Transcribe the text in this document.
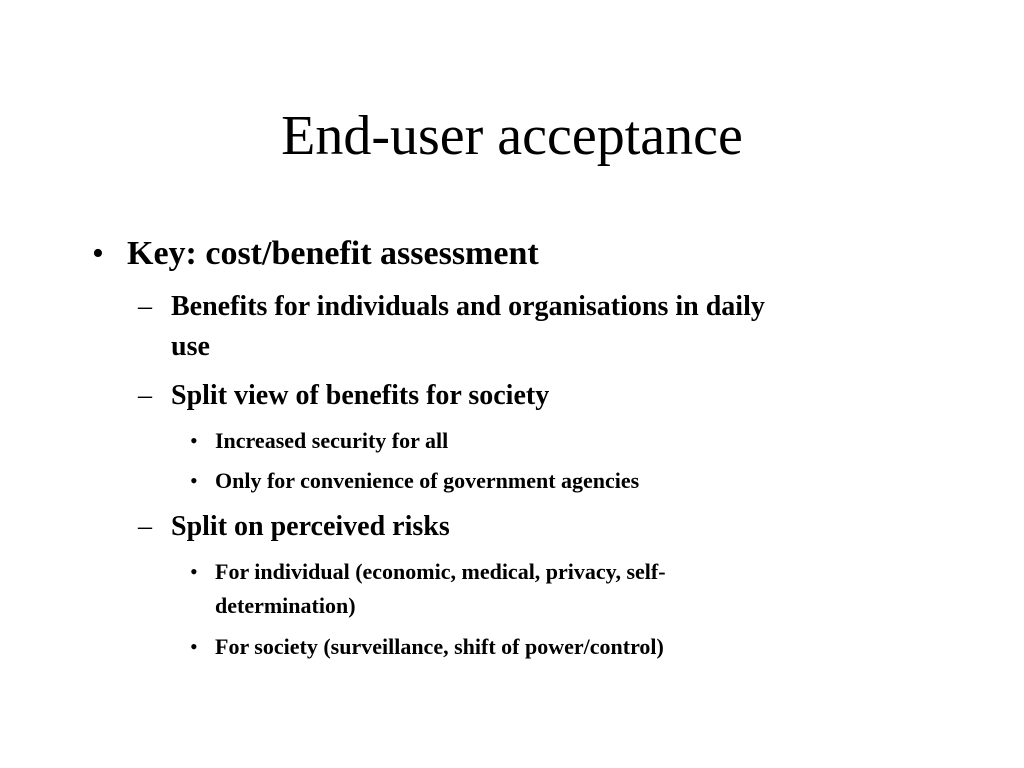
End-user acceptance
• Key: cost/benefit assessment
– Benefits for individuals and organisations in daily
use
– Split view of benefits for society
• Increased security for all
• Only for convenience of government agencies
– Split on perceived risks
• For individual (economic, medical, privacy, self-
determination)
• For society (surveillance, shift of power/control)
